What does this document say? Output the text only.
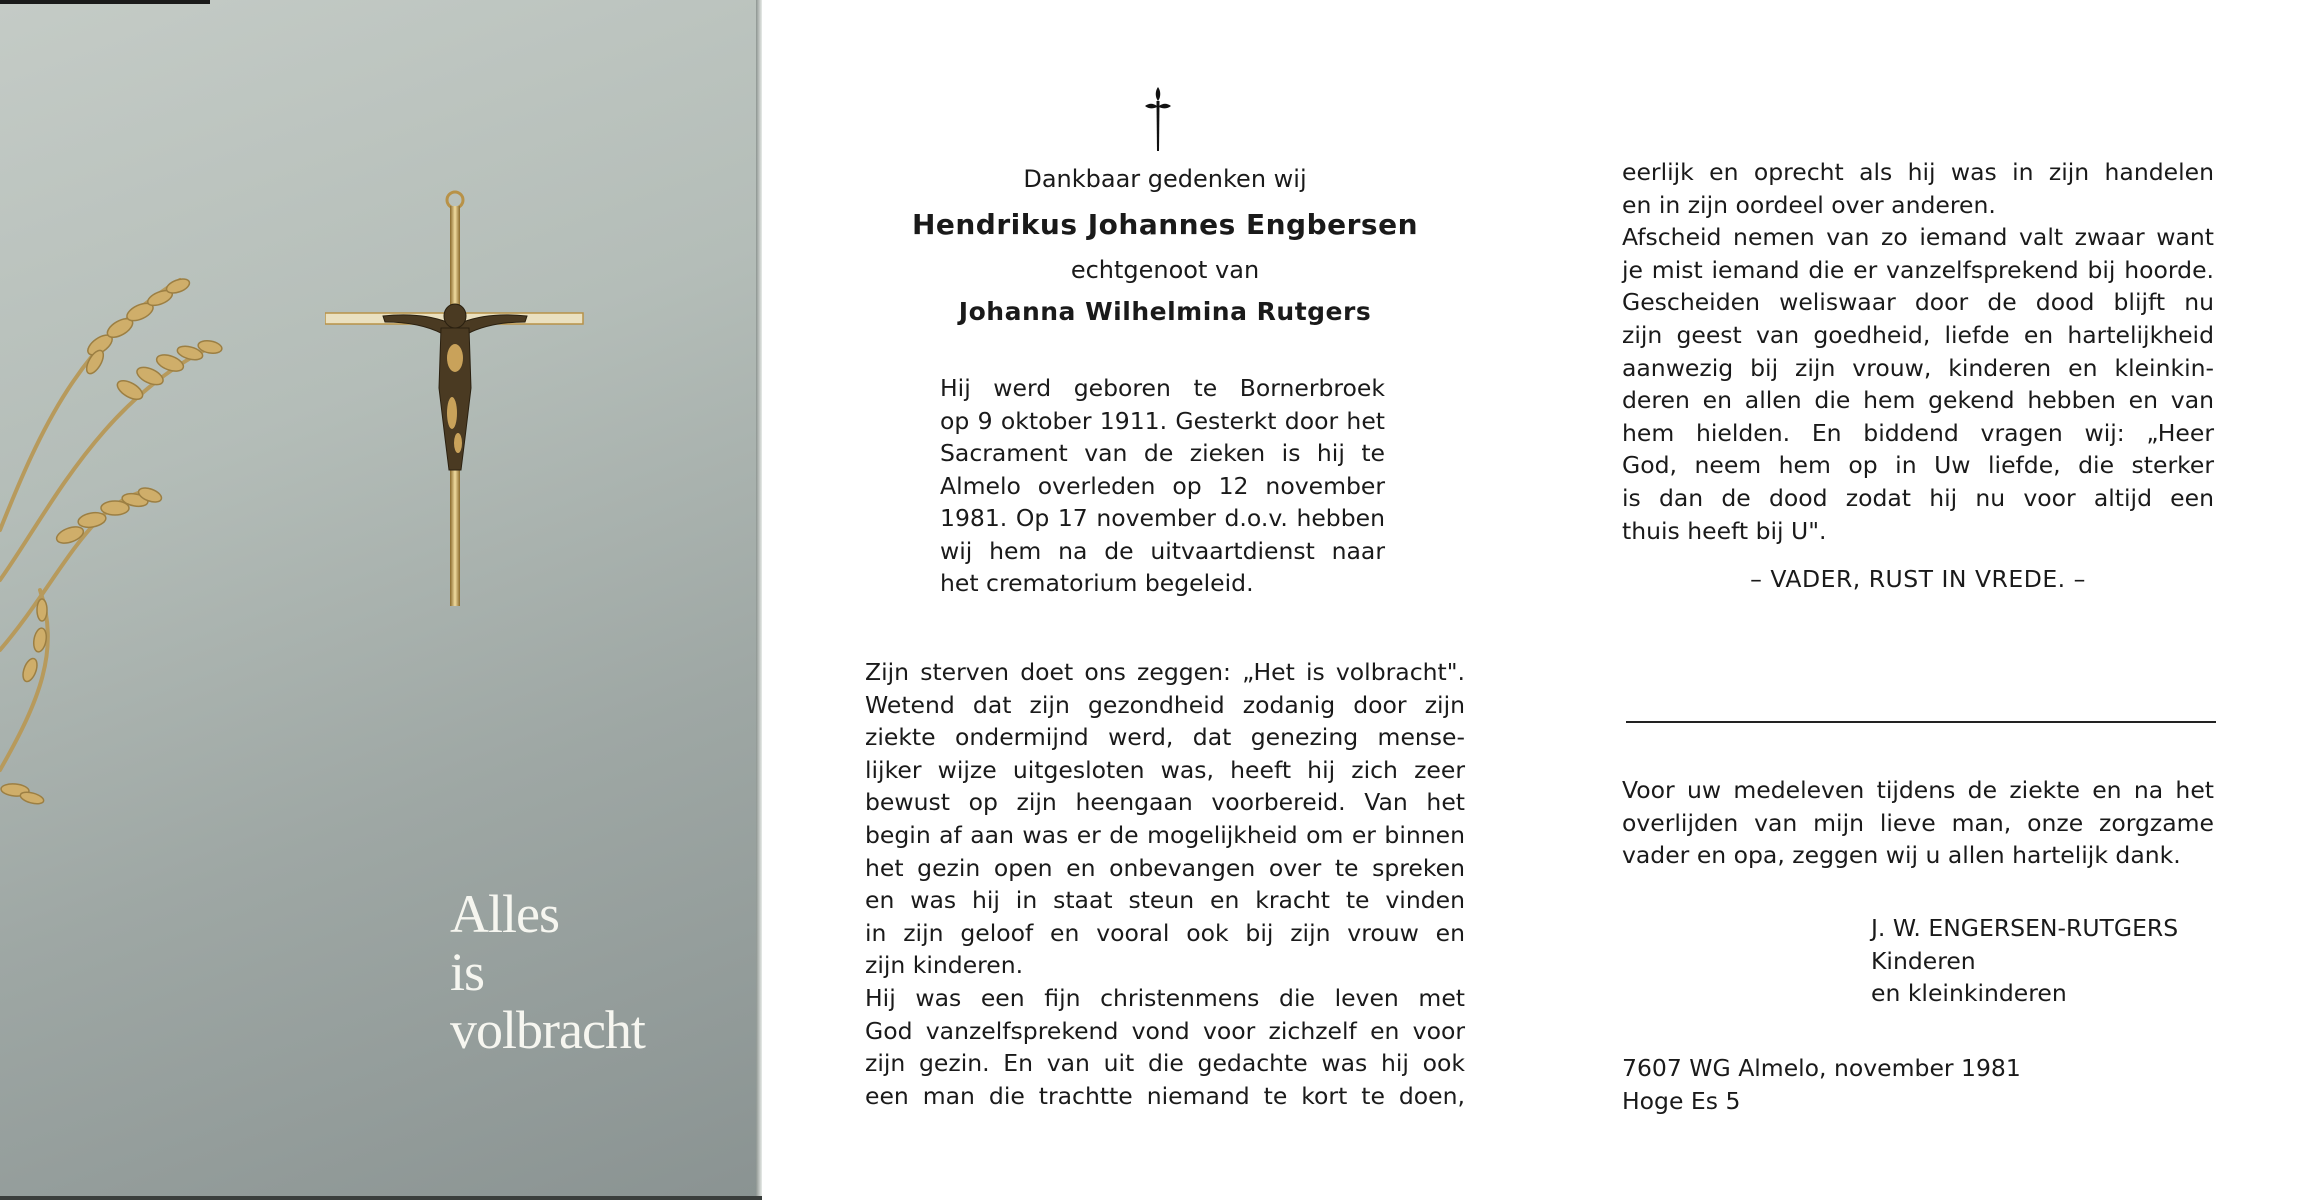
Alles
is
volbracht
Dankbaar gedenken wij
Hendrikus Johannes Engbersen
echtgenoot van
Johanna Wilhelmina Rutgers
Hij werd geboren te Bornerbroek
op 9 oktober 1911. Gesterkt door het
Sacrament van de zieken is hij te
Almelo overleden op 12 november
1981. Op 17 november d.o.v. hebben
wij hem na de uitvaartdienst naar
het crematorium begeleid.
Zijn sterven doet ons zeggen: „Het is volbracht".
Wetend dat zijn gezondheid zodanig door zijn
ziekte ondermijnd werd, dat genezing mense-
lijker wijze uitgesloten was, heeft hij zich zeer
bewust op zijn heengaan voorbereid. Van het
begin af aan was er de mogelijkheid om er binnen
het gezin open en onbevangen over te spreken
en was hij in staat steun en kracht te vinden
in zijn geloof en vooral ook bij zijn vrouw en
zijn kinderen.
Hij was een fijn christenmens die leven met
God vanzelfsprekend vond voor zichzelf en voor
zijn gezin. En van uit die gedachte was hij ook
een man die trachtte niemand te kort te doen,
eerlijk en oprecht als hij was in zijn handelen
en in zijn oordeel over anderen.
Afscheid nemen van zo iemand valt zwaar want
je mist iemand die er vanzelfsprekend bij hoorde.
Gescheiden weliswaar door de dood blijft nu
zijn geest van goedheid, liefde en hartelijkheid
aanwezig bij zijn vrouw, kinderen en kleinkin-
deren en allen die hem gekend hebben en van
hem hielden. En biddend vragen wij: „Heer
God, neem hem op in Uw liefde, die sterker
is dan de dood zodat hij nu voor altijd een
thuis heeft bij U".
– VADER, RUST IN VREDE. –
Voor uw medeleven tijdens de ziekte en na het
overlijden van mijn lieve man, onze zorgzame
vader en opa, zeggen wij u allen hartelijk dank.
J. W. ENGERSEN-RUTGERS
Kinderen
en kleinkinderen
7607 WG Almelo, november 1981
Hoge Es 5
